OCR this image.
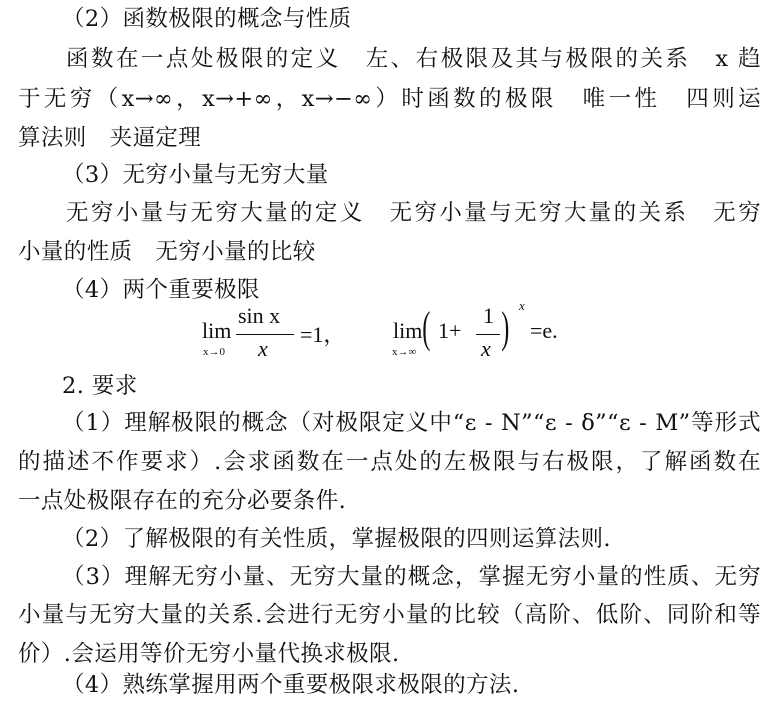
（2）函数极限的概念与性质
函数在一点处极限的定义　左、右极限及其与极限的关系　x 趋
于无穷（x→∞，x→+∞，x→−∞）时函数的极限　唯一性　四则运
算法则　夹逼定理
（3）无穷小量与无穷大量
无穷小量与无穷大量的定义　无穷小量与无穷大量的关系　无穷
小量的性质　无穷小量的比较
（4）两个重要极限
lim
x→0
sin x
x
=1， lim
x→∞ ( 1+
1
x ) x
=e.
2. 要求
（1）理解极限的概念（对极限定义中“ε - N”“ε - δ”“ε - M”等形式
的描述不作要求）.会求函数在一点处的左极限与右极限，了解函数在
一点处极限存在的充分必要条件.
（2）了解极限的有关性质，掌握极限的四则运算法则.
（3）理解无穷小量、无穷大量的概念，掌握无穷小量的性质、无穷
小量与无穷大量的关系.会进行无穷小量的比较（高阶、低阶、同阶和等
价）.会运用等价无穷小量代换求极限.
（4）熟练掌握用两个重要极限求极限的方法.
